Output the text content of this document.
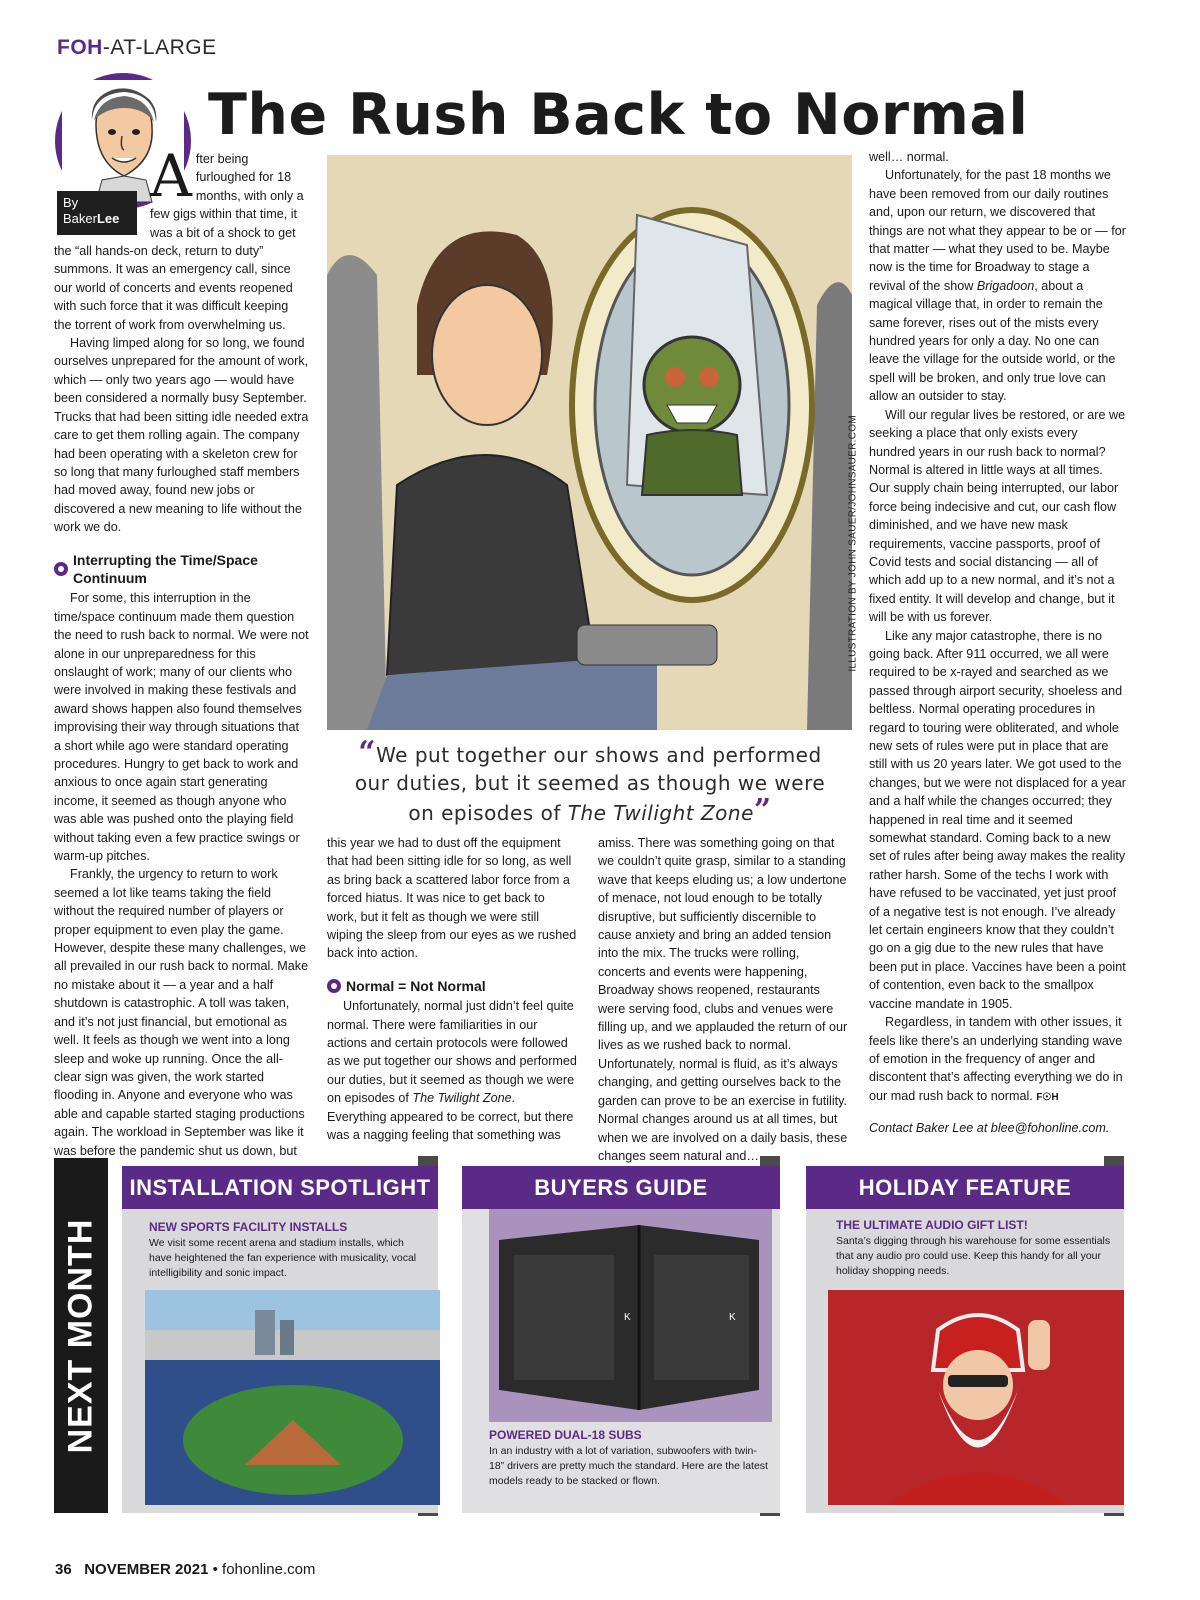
FOH-AT-LARGE
By
BakerLee
The Rush Back to Normal

After being furloughed for 18 months, with only a few gigs within that time, it was a bit of a shock to get the “all hands-on deck, return to duty” summons. It was an emergency call, since our world of concerts and events reopened with such force that it was difficult keeping the torrent of work from overwhelming us.

Having limped along for so long, we found ourselves unprepared for the amount of work, which — only two years ago — would have been considered a normally busy September. Trucks that had been sitting idle needed extra care to get them rolling again. The company had been operating with a skeleton crew for so long that many furloughed staff members had moved away, found new jobs or discovered a new meaning to life without the work we do.

Interrupting the Time/Space Continuum

For some, this interruption in the time/space continuum made them question the need to rush back to normal. We were not alone in our unpreparedness for this onslaught of work; many of our clients who were involved in making these festivals and award shows happen also found themselves improvising their way through situations that a short while ago were standard operating procedures. Hungry to get back to work and anxious to once again start generating income, it seemed as though anyone who was able was pushed onto the playing field without taking even a few practice swings or warm-up pitches.

Frankly, the urgency to return to work seemed a lot like teams taking the field without the required number of players or proper equipment to even play the game. However, despite these many challenges, we all prevailed in our rush back to normal. Make no mistake about it — a year and a half shutdown is catastrophic. A toll was taken, and it’s not just financial, but emotional as well. It feels as though we went into a long sleep and woke up running. Once the all-clear sign was given, the work started flooding in. Anyone and everyone who was able and capable started staging productions again. The workload in September was like it was before the pandemic shut us down, but

ILLUSTRATION BY JOHN SAUER/JOHNSAUER.COM
“We put together our shows and performed our duties, but it seemed as though we were on episodes of The Twilight Zone”

this year we had to dust off the equipment that had been sitting idle for so long, as well as bring back a scattered labor force from a forced hiatus. It was nice to get back to work, but it felt as though we were still wiping the sleep from our eyes as we rushed back into action.

Normal = Not Normal

Unfortunately, normal just didn’t feel quite normal. There were familiarities in our actions and certain protocols were followed as we put together our shows and performed our duties, but it seemed as though we were on episodes of The Twilight Zone. Everything appeared to be correct, but there was a nagging feeling that something was

amiss. There was something going on that we couldn’t quite grasp, similar to a standing wave that keeps eluding us; a low undertone of menace, not loud enough to be totally disruptive, but sufficiently discernible to cause anxiety and bring an added tension into the mix. The trucks were rolling, concerts and events were happening, Broadway shows reopened, restaurants were serving food, clubs and venues were filling up, and we applauded the return of our lives as we rushed back to normal. Unfortunately, normal is fluid, as it’s always changing, and getting ourselves back to the garden can prove to be an exercise in futility. Normal changes around us at all times, but when we are involved on a daily basis, these changes seem natural and…

well… normal.

Unfortunately, for the past 18 months we have been removed from our daily routines and, upon our return, we discovered that things are not what they appear to be or — for that matter — what they used to be. Maybe now is the time for Broadway to stage a revival of the show Brigadoon, about a magical village that, in order to remain the same forever, rises out of the mists every hundred years for only a day. No one can leave the village for the outside world, or the spell will be broken, and only true love can allow an outsider to stay.

Will our regular lives be restored, or are we seeking a place that only exists every hundred years in our rush back to normal? Normal is altered in little ways at all times. Our supply chain being interrupted, our labor force being indecisive and cut, our cash flow diminished, and we have new mask requirements, vaccine passports, proof of Covid tests and social distancing — all of which add up to a new normal, and it’s not a fixed entity. It will develop and change, but it will be with us forever.

Like any major catastrophe, there is no going back. After 911 occurred, we all were required to be x-rayed and searched as we passed through airport security, shoeless and beltless. Normal operating procedures in regard to touring were obliterated, and whole new sets of rules were put in place that are still with us 20 years later. We got used to the changes, but we were not displaced for a year and a half while the changes occurred; they happened in real time and it seemed somewhat standard. Coming back to a new set of rules after being away makes the reality rather harsh. Some of the techs I work with have refused to be vaccinated, yet just proof of a negative test is not enough. I’ve already let certain engineers know that they couldn’t go on a gig due to the new rules that have been put in place. Vaccines have been a point of contention, even back to the smallpox vaccine mandate in 1905.

Regardless, in tandem with other issues, it feels like there’s an underlying standing wave of emotion in the frequency of anger and discontent that’s affecting everything we do in our mad rush back to normal. F☉H

Contact Baker Lee at blee@fohonline.com.

NEXT MONTH	NEW SPORTS FACILITY INSTALLS

We visit some recent arena and stadium installs, which have heightened the fan experience with musicality, vocal intelligibility and sonic impact.

INSTALLATION SPOTLIGHT
K	K

POWERED DUAL-18 SUBS

In an industry with a lot of variation, subwoofers with twin-18” drivers are pretty much the standard. Here are the latest models ready to be stacked or flown.

BUYERS GUIDE

THE ULTIMATE AUDIO GIFT LIST!

Santa’s digging through his warehouse for some essentials that any audio pro could use. Keep this handy for all your holiday shopping needs.

HOLIDAY FEATURE
36 NOVEMBER 2021 • fohonline.com
